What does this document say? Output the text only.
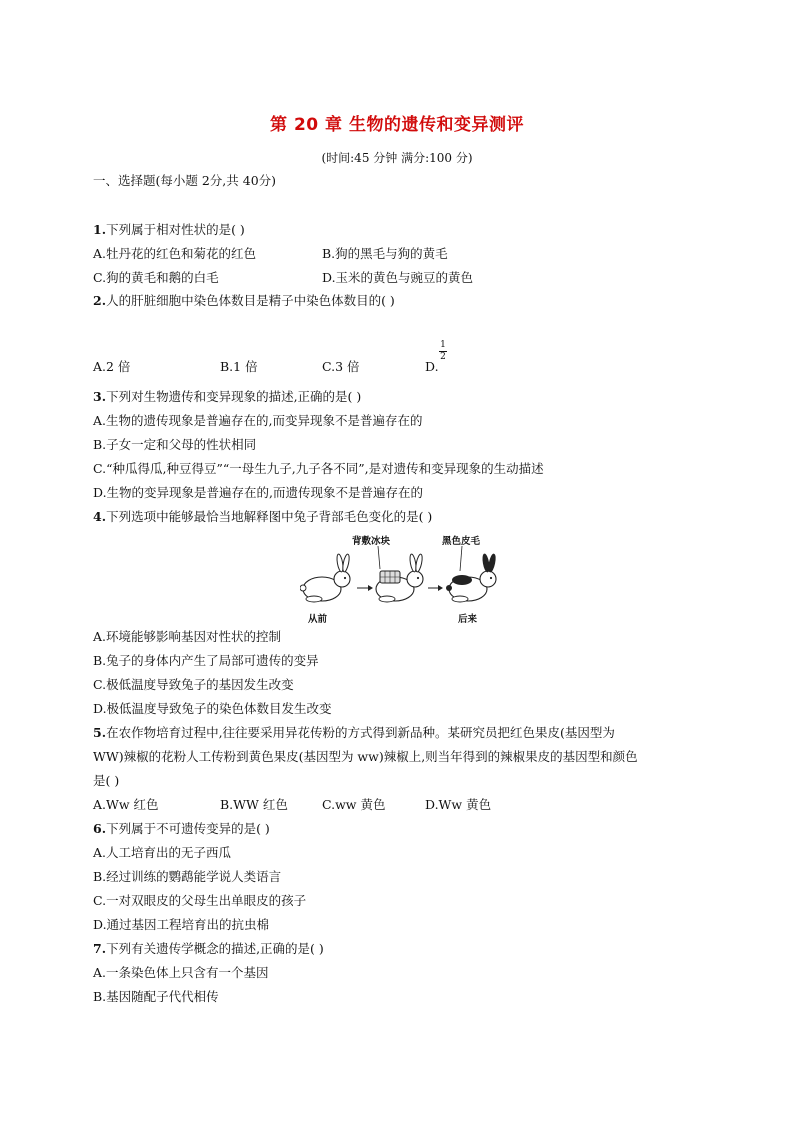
第 20 章 生物的遗传和变异测评
(时间:45 分钟 满分:100 分)
一、选择题(每小题 2分,共 40分)
1.下列属于相对性状的是( )
A.牡丹花的红色和菊花的红色	B.狗的黑毛与狗的黄毛
C.狗的黄毛和鹅的白毛	D.玉米的黄色与豌豆的黄色
2.人的肝脏细胞中染色体数目是精子中染色体数目的( )
A.2 倍	B.1 倍	C.3 倍	D.
1
2
3.下列对生物遗传和变异现象的描述,正确的是( )
A.生物的遗传现象是普遍存在的,而变异现象不是普遍存在的
B.子女一定和父母的性状相同
C.“种瓜得瓜,种豆得豆”“一母生九子,九子各不同”,是对遗传和变异现象的生动描述
D.生物的变异现象是普遍存在的,而遗传现象不是普遍存在的
4.下列选项中能够最恰当地解释图中兔子背部毛色变化的是( )
背敷冰块	黑色皮毛
从前	后来
A.环境能够影响基因对性状的控制
B.兔子的身体内产生了局部可遗传的变异
C.极低温度导致兔子的基因发生改变
D.极低温度导致兔子的染色体数目发生改变
5.在农作物培育过程中,往往要采用异花传粉的方式得到新品种。某研究员把红色果皮(基因型为
WW)辣椒的花粉人工传粉到黄色果皮(基因型为 ww)辣椒上,则当年得到的辣椒果皮的基因型和颜色
是( )
A.Ww 红色	B.WW 红色	C.ww 黄色	D.Ww 黄色
6.下列属于不可遗传变异的是( )
A.人工培育出的无子西瓜
B.经过训练的鹦鹉能学说人类语言
C.一对双眼皮的父母生出单眼皮的孩子
D.通过基因工程培育出的抗虫棉
7.下列有关遗传学概念的描述,正确的是( )
A.一条染色体上只含有一个基因
B.基因随配子代代相传
